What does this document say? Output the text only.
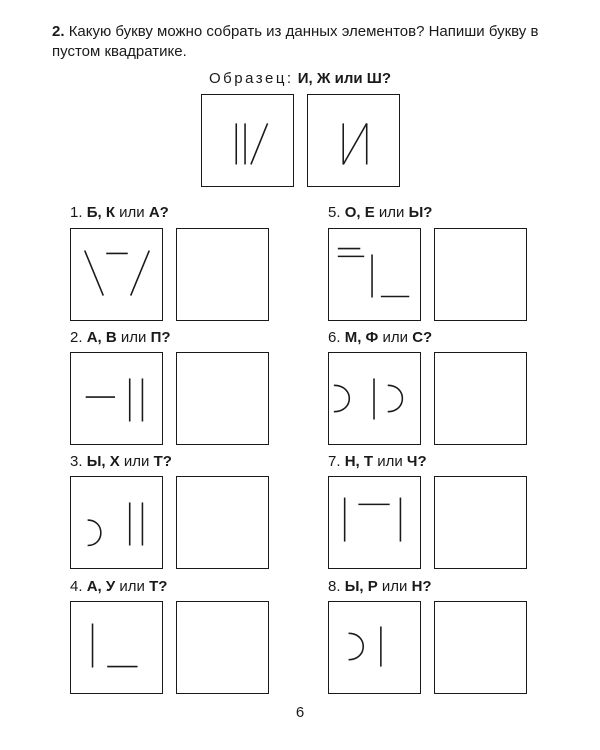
2. Какую букву можно собрать из данных элементов? Напиши букву в пустом квадратике.
Образец: И, Ж или Ш?
1. Б, К или А?
2. А, В или П?
3. Ы, Х или Т?
4. А, У или Т?
5. О, Е или Ы?
6. М, Ф или С?
7. Н, Т или Ч?
8. Ы, Р или Н?
6
